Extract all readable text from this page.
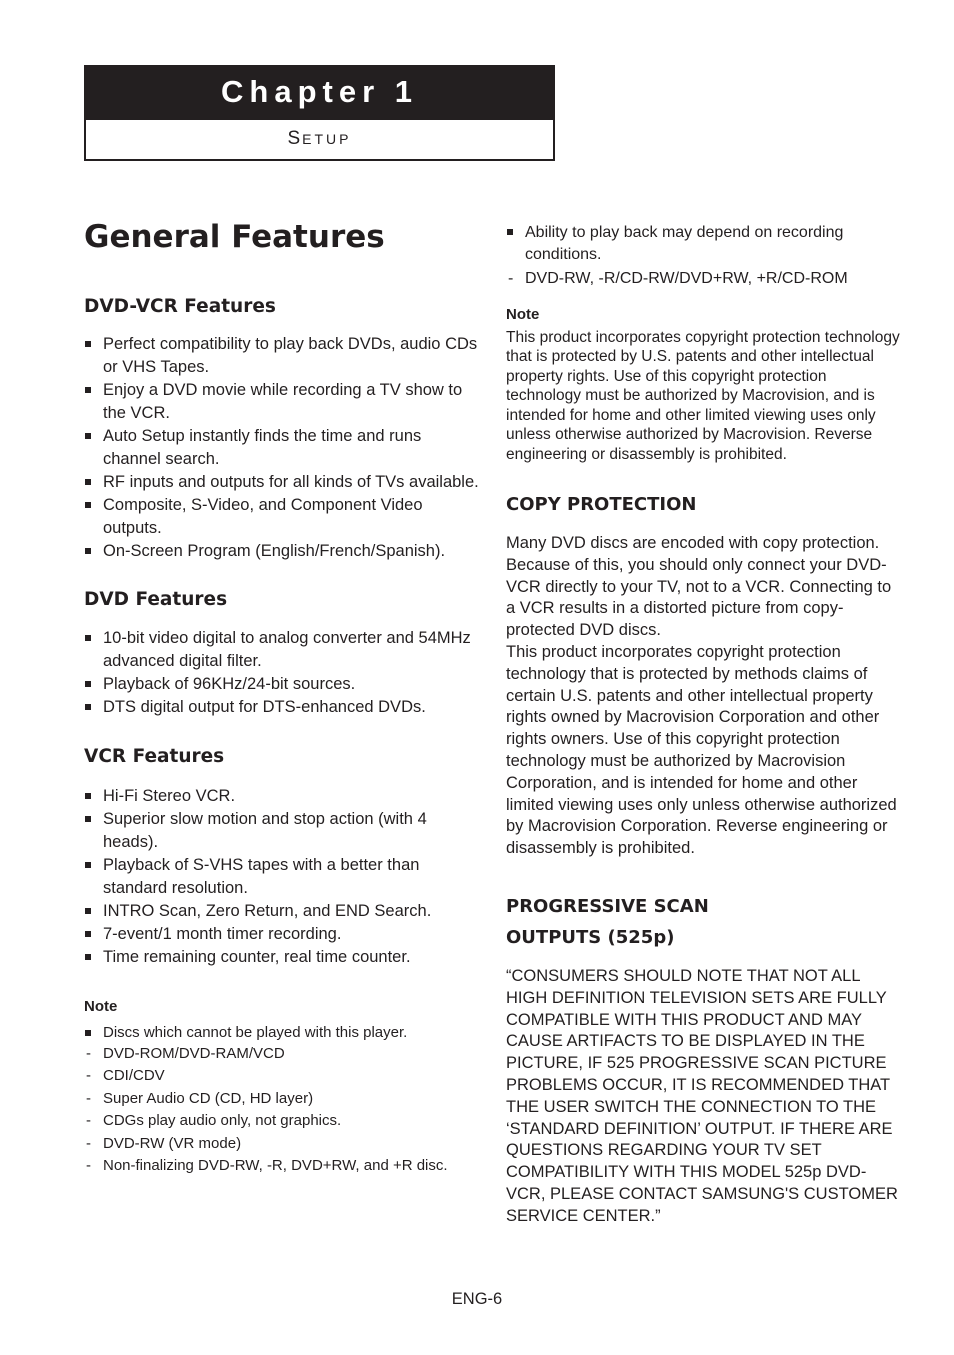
Chapter 1
SETUP
General Features
DVD-VCR Features
Perfect compatibility to play back DVDs, audio CDs or VHS Tapes.
Enjoy a DVD movie while recording a TV show to the VCR.
Auto Setup instantly finds the time and runs channel search.
RF inputs and outputs for all kinds of TVs available.
Composite, S-Video, and Component Video outputs.
On-Screen Program (English/French/Spanish).
DVD Features
10-bit video digital to analog converter and 54MHz advanced digital filter.
Playback of 96KHz/24-bit sources.
DTS digital output for DTS-enhanced DVDs.
VCR Features
Hi-Fi Stereo VCR.
Superior slow motion and stop action (with 4 heads).
Playback of S-VHS tapes with a better than standard resolution.
INTRO Scan, Zero Return, and END Search.
7-event/1 month timer recording.
Time remaining counter, real time counter.
Note
Discs which cannot be played with this player.
- DVD-ROM/DVD-RAM/VCD
- CDI/CDV
- Super Audio CD (CD, HD layer)
- CDGs play audio only, not graphics.
- DVD-RW (VR mode)
- Non-finalizing DVD-RW, -R, DVD+RW, and +R disc.
Ability to play back may depend on recording conditions.
- DVD-RW, -R/CD-RW/DVD+RW, +R/CD-ROM
Note

This product incorporates copyright protection technology that is protected by U.S. patents and other intellectual property rights. Use of this copyright protection technology must be authorized by Macrovision, and is intended for home and other limited viewing uses only unless otherwise authorized by Macrovision. Reverse engineering or disassembly is prohibited.

COPY PROTECTION

Many DVD discs are encoded with copy protection. Because of this, you should only connect your DVD-VCR directly to your TV, not to a VCR. Connecting to a VCR results in a distorted picture from copy-protected DVD discs.

This product incorporates copyright protection technology that is protected by methods claims of certain U.S. patents and other intellectual property rights owned by Macrovision Corporation and other rights owners. Use of this copyright protection technology must be authorized by Macrovision Corporation, and is intended for home and other limited viewing uses only unless otherwise authorized by Macrovision Corporation. Reverse engineering or disassembly is prohibited.

PROGRESSIVE SCAN
OUTPUTS (525p)

“CONSUMERS SHOULD NOTE THAT NOT ALL HIGH DEFINITION TELEVISION SETS ARE FULLY COMPATIBLE WITH THIS PRODUCT AND MAY CAUSE ARTIFACTS TO BE DISPLAYED IN THE PICTURE, IF 525 PROGRESSIVE SCAN PICTURE PROBLEMS OCCUR, IT IS RECOMMENDED THAT THE USER SWITCH THE CONNECTION TO THE ‘STANDARD DEFINITION’ OUTPUT. IF THERE ARE QUESTIONS REGARDING YOUR TV SET COMPATIBILITY WITH THIS MODEL 525p DVD-VCR, PLEASE CONTACT SAMSUNG'S CUSTOMER SERVICE CENTER.”

ENG-6
